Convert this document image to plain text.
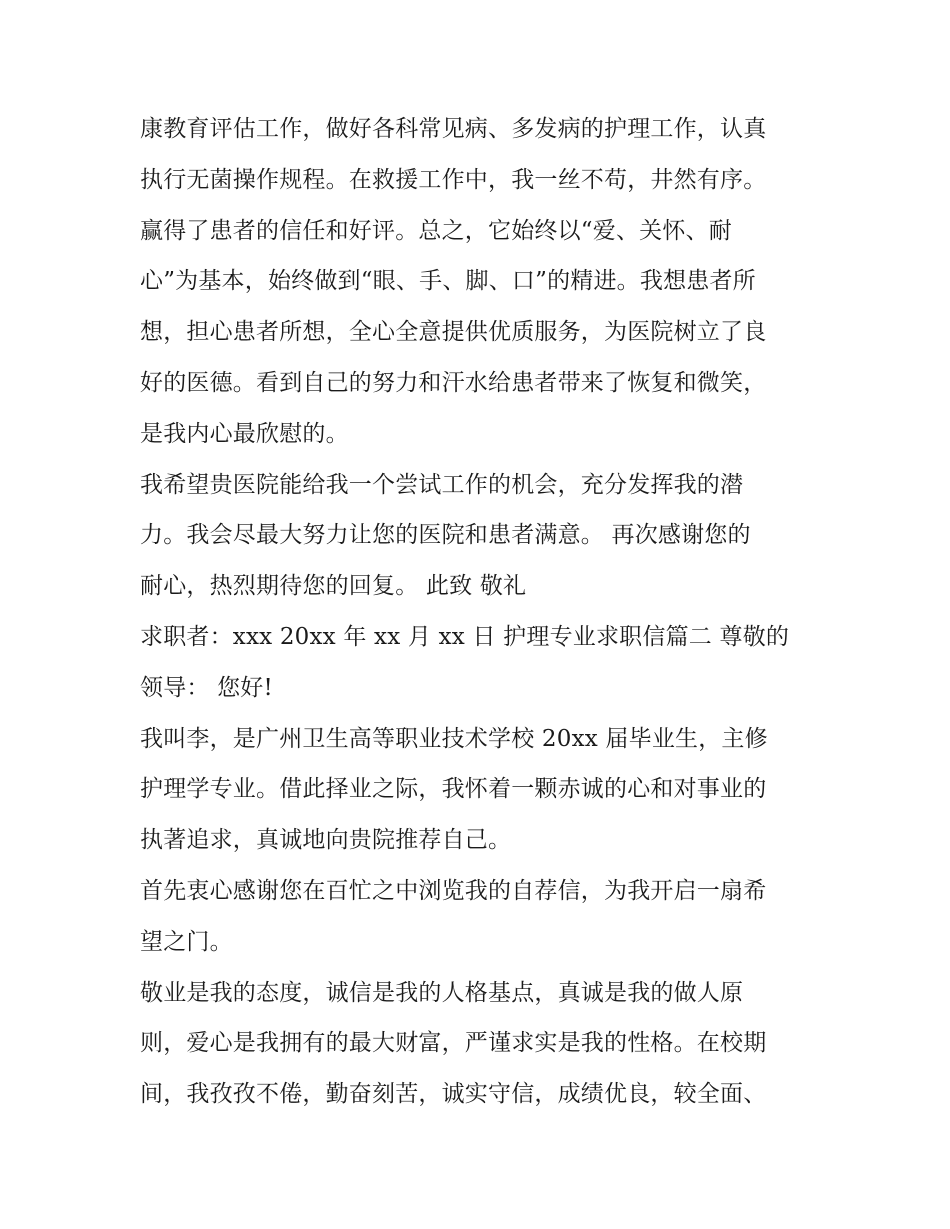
康教育评估工作，做好各科常见病、多发病的护理工作，认真
执行无菌操作规程。在救援工作中，我一丝不苟，井然有序。
赢得了患者的信任和好评。总之，它始终以“爱、关怀、耐
心”为基本，始终做到“眼、手、脚、口”的精进。我想患者所
想，担心患者所想，全心全意提供优质服务，为医院树立了良
好的医德。看到自己的努力和汗水给患者带来了恢复和微笑，
是我内心最欣慰的。
我希望贵医院能给我一个尝试工作的机会，充分发挥我的潜
力。我会尽最大努力让您的医院和患者满意。 再次感谢您的
耐心，热烈期待您的回复。 此致 敬礼
求职者：xxx 20xx 年 xx 月 xx 日 护理专业求职信篇二 尊敬的
领导： 您好!
我叫李，是广州卫生高等职业技术学校 20xx 届毕业生，主修
护理学专业。借此择业之际，我怀着一颗赤诚的心和对事业的
执著追求，真诚地向贵院推荐自己。
首先衷心感谢您在百忙之中浏览我的自荐信，为我开启一扇希
望之门。
敬业是我的态度，诚信是我的人格基点，真诚是我的做人原
则，爱心是我拥有的最大财富，严谨求实是我的性格。在校期
间，我孜孜不倦，勤奋刻苦，诚实守信，成绩优良，较全面、
